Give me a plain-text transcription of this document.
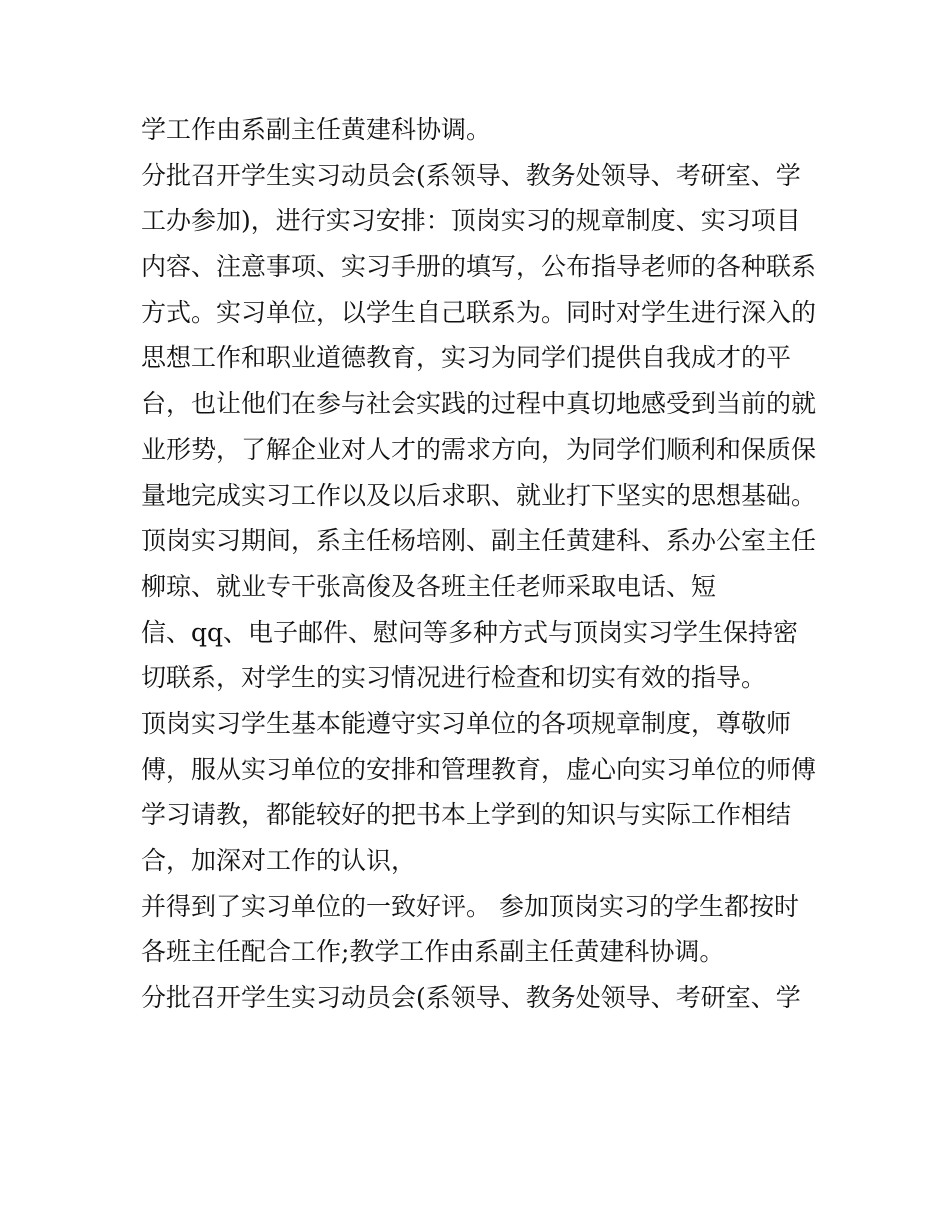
学工作由系副主任黄建科协调。
分批召开学生实习动员会(系领导、教务处领导、考研室、学
工办参加)，进行实习安排：顶岗实习的规章制度、实习项目
内容、注意事项、实习手册的填写，公布指导老师的各种联系
方式。实习单位，以学生自己联系为。同时对学生进行深入的
思想工作和职业道德教育，实习为同学们提供自我成才的平
台，也让他们在参与社会实践的过程中真切地感受到当前的就
业形势，了解企业对人才的需求方向，为同学们顺利和保质保
量地完成实习工作以及以后求职、就业打下坚实的思想基础。
顶岗实习期间，系主任杨培刚、副主任黄建科、系办公室主任
柳琼、就业专干张高俊及各班主任老师采取电话、短
信、qq、电子邮件、慰问等多种方式与顶岗实习学生保持密
切联系，对学生的实习情况进行检查和切实有效的指导。
顶岗实习学生基本能遵守实习单位的各项规章制度，尊敬师
傅，服从实习单位的安排和管理教育，虚心向实习单位的师傅
学习请教，都能较好的把书本上学到的知识与实际工作相结
合，加深对工作的认识，
并得到了实习单位的一致好评。 参加顶岗实习的学生都按时
各班主任配合工作;教学工作由系副主任黄建科协调。
分批召开学生实习动员会(系领导、教务处领导、考研室、学
